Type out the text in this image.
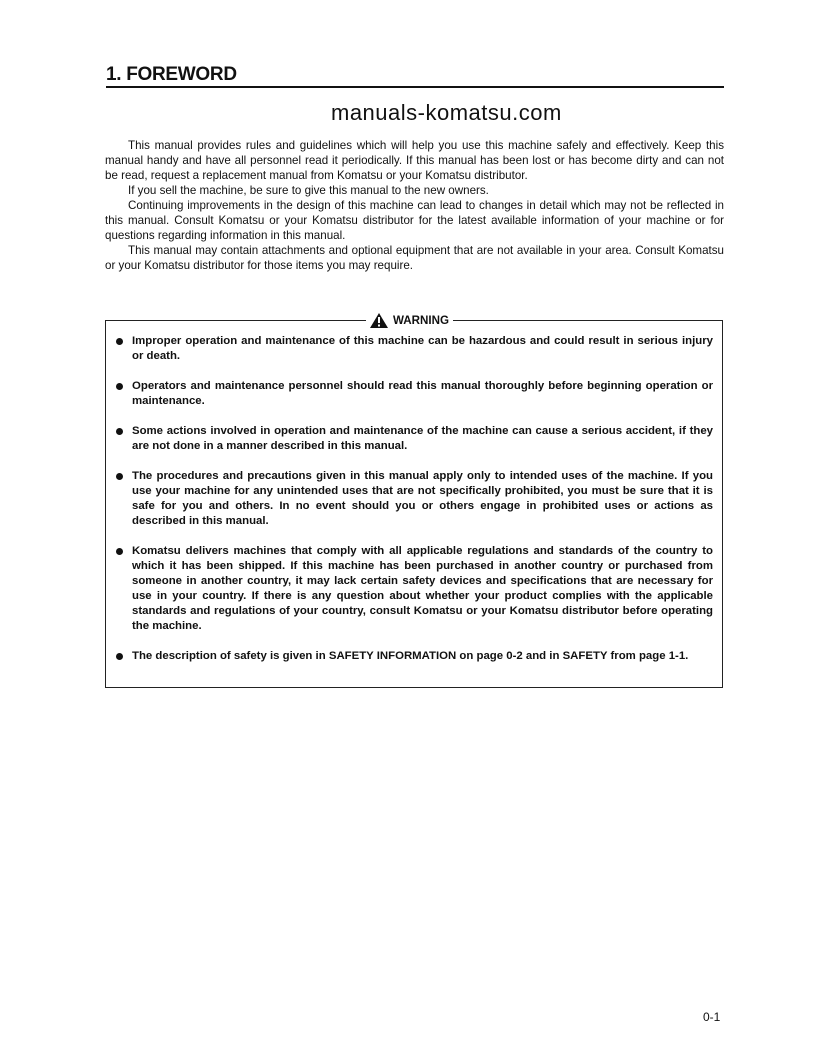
1. FOREWORD
manuals-komatsu.com

This manual provides rules and guidelines which will help you use this machine safely and effectively. Keep this manual handy and have all personnel read it periodically. If this manual has been lost or has become dirty and can not be read, request a replacement manual from Komatsu or your Komatsu distributor.

If you sell the machine, be sure to give this manual to the new owners.

Continuing improvements in the design of this machine can lead to changes in detail which may not be reflected in this manual. Consult Komatsu or your Komatsu distributor for the latest available information of your machine or for questions regarding information in this manual.

This manual may contain attachments and optional equipment that are not available in your area. Consult Komatsu or your Komatsu distributor for those items you may require.

WARNING
Improper operation and maintenance of this machine can be hazardous and could result in serious injury or death.
Operators and maintenance personnel should read this manual thoroughly before beginning operation or maintenance.
Some actions involved in operation and maintenance of the machine can cause a serious accident, if they are not done in a manner described in this manual.
The procedures and precautions given in this manual apply only to intended uses of the machine. If you use your machine for any unintended uses that are not specifically prohibited, you must be sure that it is safe for you and others. In no event should you or others engage in prohibited uses or actions as described in this manual.
Komatsu delivers machines that comply with all applicable regulations and standards of the country to which it has been shipped. If this machine has been purchased in another country or purchased from someone in another country, it may lack certain safety devices and specifications that are necessary for use in your country. If there is any question about whether your product complies with the applicable standards and regulations of your country, consult Komatsu or your Komatsu distributor before operating the machine.
The description of safety is given in SAFETY INFORMATION on page 0-2 and in SAFETY from page 1-1.
0-1
